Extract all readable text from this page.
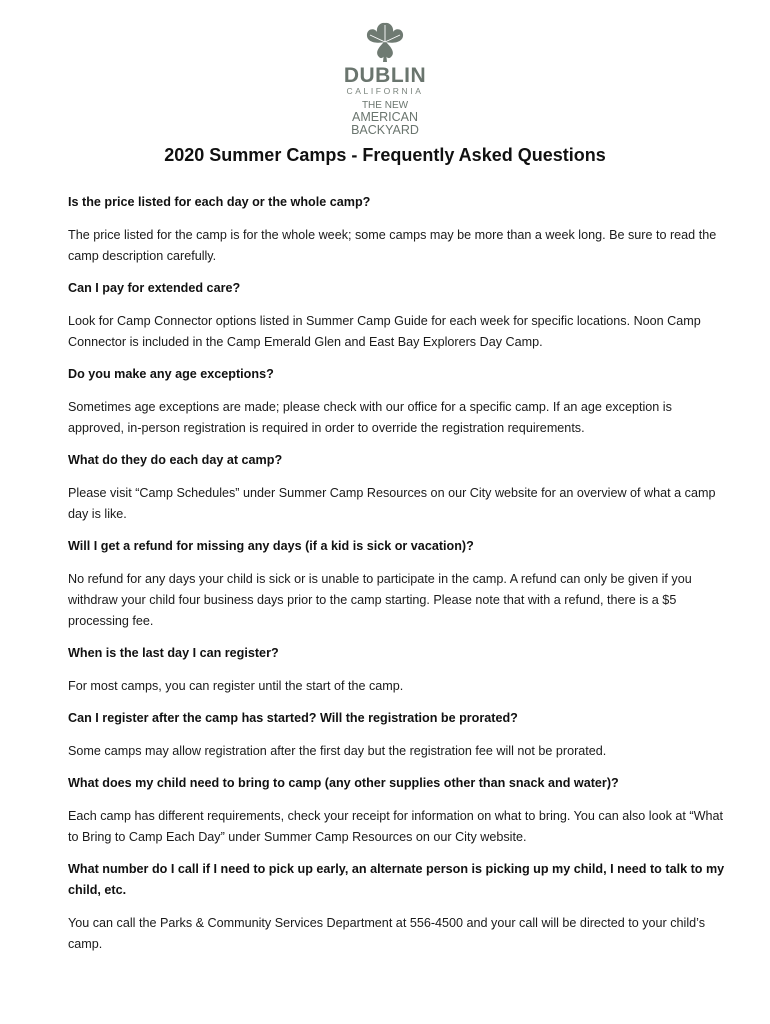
DUBLIN
CALIFORNIA
THE NEW
AMERICAN
BACKYARD
2020 Summer Camps - Frequently Asked Questions

Is the price listed for each day or the whole camp?

The price listed for the camp is for the whole week; some camps may be more than a week long. Be sure to read the camp description carefully.

Can I pay for extended care?

Look for Camp Connector options listed in Summer Camp Guide for each week for specific locations. Noon Camp Connector is included in the Camp Emerald Glen and East Bay Explorers Day Camp.

Do you make any age exceptions?

Sometimes age exceptions are made; please check with our office for a specific camp. If an age exception is approved, in-person registration is required in order to override the registration requirements.

What do they do each day at camp?

Please visit “Camp Schedules” under Summer Camp Resources on our City website for an overview of what a camp day is like.

Will I get a refund for missing any days (if a kid is sick or vacation)?

No refund for any days your child is sick or is unable to participate in the camp. A refund can only be given if you withdraw your child four business days prior to the camp starting. Please note that with a refund, there is a $5 processing fee.

When is the last day I can register?

For most camps, you can register until the start of the camp.

Can I register after the camp has started? Will the registration be prorated?

Some camps may allow registration after the first day but the registration fee will not be prorated.

What does my child need to bring to camp (any other supplies other than snack and water)?

Each camp has different requirements, check your receipt for information on what to bring. You can also look at “What to Bring to Camp Each Day” under Summer Camp Resources on our City website.

What number do I call if I need to pick up early, an alternate person is picking up my child, I need to talk to my child, etc.

You can call the Parks & Community Services Department at 556-4500 and your call will be directed to your child’s camp.
